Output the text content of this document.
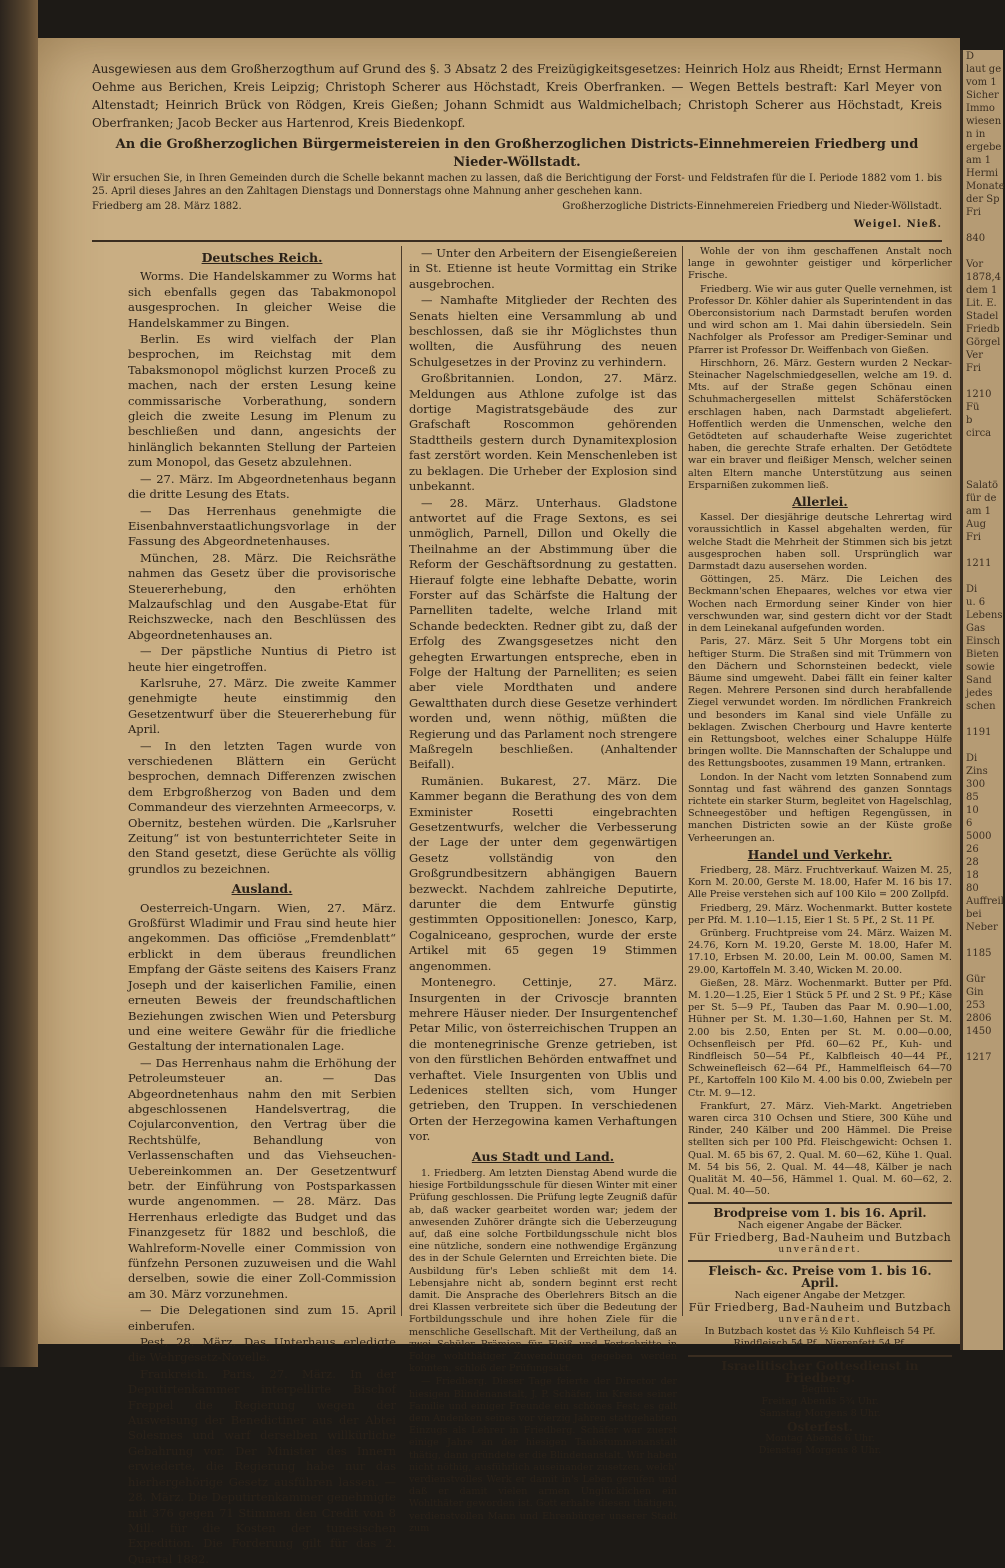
Ausgewiesen aus dem Großherzogthum auf Grund des §. 3 Absatz 2 des Freizügigkeitsgesetzes: Heinrich Holz aus Rheidt; Ernst Hermann Oehme aus Berichen, Kreis Leipzig; Christoph Scherer aus Höchstadt, Kreis Oberfranken. — Wegen Bettels bestraft: Karl Meyer von Altenstadt; Heinrich Brück von Rödgen, Kreis Gießen; Johann Schmidt aus Waldmichelbach; Christoph Scherer aus Höchstadt, Kreis Oberfranken; Jacob Becker aus Hartenrod, Kreis Biedenkopf.

An die Großherzoglichen Bürgermeistereien in den Großherzoglichen Districts-Einnehmereien Friedberg und Nieder-Wöllstadt.

Wir ersuchen Sie, in Ihren Gemeinden durch die Schelle bekannt machen zu lassen, daß die Berichtigung der Forst- und Feldstrafen für die I. Periode 1882 vom 1. bis 25. April dieses Jahres an den Zahltagen Dienstags und Donnerstags ohne Mahnung anher geschehen kann.

Friedberg am 28. März 1882.	Großherzogliche Districts-Einnehmereien Friedberg und Nieder-Wöllstadt.
Weigel. Nieß.
Deutsches Reich.

Worms. Die Handelskammer zu Worms hat sich ebenfalls gegen das Tabakmonopol ausgesprochen. In gleicher Weise die Handelskammer zu Bingen.

Berlin. Es wird vielfach der Plan besprochen, im Reichstag mit dem Tabaksmonopol möglichst kurzen Proceß zu machen, nach der ersten Lesung keine commissarische Vorberathung, sondern gleich die zweite Lesung im Plenum zu beschließen und dann, angesichts der hinlänglich bekannten Stellung der Parteien zum Monopol, das Gesetz abzulehnen.

— 27. März. Im Abgeordnetenhaus begann die dritte Lesung des Etats.

— Das Herrenhaus genehmigte die Eisenbahnverstaatlichungsvorlage in der Fassung des Abgeordnetenhauses.

München, 28. März. Die Reichsräthe nahmen das Gesetz über die provisorische Steuererhebung, den erhöhten Malzaufschlag und den Ausgabe-Etat für Reichszwecke, nach den Beschlüssen des Abgeordnetenhauses an.

— Der päpstliche Nuntius di Pietro ist heute hier eingetroffen.

Karlsruhe, 27. März. Die zweite Kammer genehmigte heute einstimmig den Gesetzentwurf über die Steuererhebung für April.

— In den letzten Tagen wurde von verschiedenen Blättern ein Gerücht besprochen, demnach Differenzen zwischen dem Erbgroßherzog von Baden und dem Commandeur des vierzehnten Armeecorps, v. Obernitz, bestehen würden. Die „Karlsruher Zeitung“ ist von bestunterrichteter Seite in den Stand gesetzt, diese Gerüchte als völlig grundlos zu bezeichnen.

Ausland.

Oesterreich-Ungarn. Wien, 27. März. Großfürst Wladimir und Frau sind heute hier angekommen. Das officiöse „Fremdenblatt“ erblickt in dem überaus freundlichen Empfang der Gäste seitens des Kaisers Franz Joseph und der kaiserlichen Familie, einen erneuten Beweis der freundschaftlichen Beziehungen zwischen Wien und Petersburg und eine weitere Gewähr für die friedliche Gestaltung der internationalen Lage.

— Das Herrenhaus nahm die Erhöhung der Petroleumsteuer an. — Das Abgeordnetenhaus nahm den mit Serbien abgeschlossenen Handelsvertrag, die Cojularconvention, den Vertrag über die Rechtshülfe, Behandlung von Verlassenschaften und das Viehseuchen-Uebereinkommen an. Der Gesetzentwurf betr. der Einführung von Postsparkassen wurde angenommen. — 28. März. Das Herrenhaus erledigte das Budget und das Finanzgesetz für 1882 und beschloß, die Wahlreform-Novelle einer Commission von fünfzehn Personen zuzuweisen und die Wahl derselben, sowie die einer Zoll-Commission am 30. März vorzunehmen.

— Die Delegationen sind zum 15. April einberufen.

Pest, 28. März. Das Unterhaus erledigte die Wehrgesetz-Novelle.

Frankreich. Paris, 27. März. In der Deputirtenkammer interpellirte Bischof Freppel die Regierung wegen der Ausweisung der Benedictiner aus der Abtei Solesmes und warf derselben willkürliche Gebahrung vor. Der Minister des Innern erwiederte, die Regierung habe nur das hierhergehörige Gesetz ausführen lassen. — 28. März. Die Deputirtenkammer genehmigte mit 376 gegen 71 Stimmen den Credit von 8 Mill. für die Kosten der tunesischen Expedition. Die Forderung gilt für das 2. Quartal 1882.

— Unter den Arbeitern der Eisengießereien in St. Etienne ist heute Vormittag ein Strike ausgebrochen.

— Namhafte Mitglieder der Rechten des Senats hielten eine Versammlung ab und beschlossen, daß sie ihr Möglichstes thun wollten, die Ausführung des neuen Schulgesetzes in der Provinz zu verhindern.

Großbritannien. London, 27. März. Meldungen aus Athlone zufolge ist das dortige Magistratsgebäude des zur Grafschaft Roscommon gehörenden Stadttheils gestern durch Dynamitexplosion fast zerstört worden. Kein Menschenleben ist zu beklagen. Die Urheber der Explosion sind unbekannt.

— 28. März. Unterhaus. Gladstone antwortet auf die Frage Sextons, es sei unmöglich, Parnell, Dillon und Okelly die Theilnahme an der Abstimmung über die Reform der Geschäftsordnung zu gestatten. Hierauf folgte eine lebhafte Debatte, worin Forster auf das Schärfste die Haltung der Parnelliten tadelte, welche Irland mit Schande bedeckten. Redner gibt zu, daß der Erfolg des Zwangsgesetzes nicht den gehegten Erwartungen entspreche, eben in Folge der Haltung der Parnelliten; es seien aber viele Mordthaten und andere Gewaltthaten durch diese Gesetze verhindert worden und, wenn nöthig, müßten die Regierung und das Parlament noch strengere Maßregeln beschließen. (Anhaltender Beifall).

Rumänien. Bukarest, 27. März. Die Kammer begann die Berathung des von dem Exminister Rosetti eingebrachten Gesetzentwurfs, welcher die Verbesserung der Lage der unter dem gegenwärtigen Gesetz vollständig von den Großgrundbesitzern abhängigen Bauern bezweckt. Nachdem zahlreiche Deputirte, darunter die dem Entwurfe günstig gestimmten Oppositionellen: Jonesco, Karp, Cogalniceano, gesprochen, wurde der erste Artikel mit 65 gegen 19 Stimmen angenommen.

Montenegro. Cettinje, 27. März. Insurgenten in der Crivoscje brannten mehrere Häuser nieder. Der Insurgentenchef Petar Milic, von österreichischen Truppen an die montenegrinische Grenze getrieben, ist von den fürstlichen Behörden entwaffnet und verhaftet. Viele Insurgenten von Ublis und Ledenices stellten sich, vom Hunger getrieben, den Truppen. In verschiedenen Orten der Herzegowina kamen Verhaftungen vor.

Aus Stadt und Land.

1. Friedberg. Am letzten Dienstag Abend wurde die hiesige Fortbildungsschule für diesen Winter mit einer Prüfung geschlossen. Die Prüfung legte Zeugniß dafür ab, daß wacker gearbeitet worden war; jedem der anwesenden Zuhörer drängte sich die Ueberzeugung auf, daß eine solche Fortbildungsschule nicht blos eine nützliche, sondern eine nothwendige Ergänzung des in der Schule Gelernten und Erreichten biete. Die Ausbildung für's Leben schließt mit dem 14. Lebensjahre nicht ab, sondern beginnt erst recht damit. Die Ansprache des Oberlehrers Bitsch an die drei Klassen verbreitete sich über die Bedeutung der Fortbildungsschule und ihre hohen Ziele für die menschliche Gesellschaft. Mit der Vertheilung, daß an zwei Schüler Prämien für Fleiß und Fortschritte in Folge wohlthätiger Zuwendungen gegeben werden konnten, schloß der Prüfungsakt.

— Friedberg. Dieser Tage feierte der Director der hiesigen Blindenanstalt, J. P. Schäfer, im Kreise seiner Familie und einiger Freunde ein schönes Fest; es galt dem Andenken seines vor vierzig Jahren stattgehabten Einzugs als Lehrer in Friedberg. Schäfer war zuerst einige Jahre an der hiesigen Taubstummenanstalt thätig, dann gründete er die Blindenanstalt. Wir haben nicht nöthig, ausführlich auseinander zusetzen, welch' verdienstvolles Werk er damit in's Leben gerufen und daß er damit vielen armen Unglücklichen ein Wohlthäter geworden ist. Gott erhalte diesen thätigen, verdienstvollen Mann und Ehrenbürger unserer Stadt zum

Wohle der von ihm geschaffenen Anstalt noch lange in gewohnter geistiger und körperlicher Frische.

Friedberg. Wie wir aus guter Quelle vernehmen, ist Professor Dr. Köhler dahier als Superintendent in das Oberconsistorium nach Darmstadt berufen worden und wird schon am 1. Mai dahin übersiedeln. Sein Nachfolger als Professor am Prediger-Seminar und Pfarrer ist Professor Dr. Weiffenbach von Gießen.

Hirschhorn, 26. März. Gestern wurden 2 Neckar-Steinacher Nagelschmiedgesellen, welche am 19. d. Mts. auf der Straße gegen Schönau einen Schuhmachergesellen mittelst Schäferstöcken erschlagen haben, nach Darmstadt abgeliefert. Hoffentlich werden die Unmenschen, welche den Getödteten auf schauderhafte Weise zugerichtet haben, die gerechte Strafe erhalten. Der Getödtete war ein braver und fleißiger Mensch, welcher seinen alten Eltern manche Unterstützung aus seinen Ersparnißen zukommen ließ.

Allerlei.

Kassel. Der diesjährige deutsche Lehrertag wird voraussichtlich in Kassel abgehalten werden, für welche Stadt die Mehrheit der Stimmen sich bis jetzt ausgesprochen haben soll. Ursprünglich war Darmstadt dazu ausersehen worden.

Göttingen, 25. März. Die Leichen des Beckmann'schen Ehepaares, welches vor etwa vier Wochen nach Ermordung seiner Kinder von hier verschwunden war, sind gestern dicht vor der Stadt in dem Leinekanal aufgefunden worden.

Paris, 27. März. Seit 5 Uhr Morgens tobt ein heftiger Sturm. Die Straßen sind mit Trümmern von den Dächern und Schornsteinen bedeckt, viele Bäume sind umgeweht. Dabei fällt ein feiner kalter Regen. Mehrere Personen sind durch herabfallende Ziegel verwundet worden. Im nördlichen Frankreich und besonders im Kanal sind viele Unfälle zu beklagen. Zwischen Cherbourg und Havre kenterte ein Rettungsboot, welches einer Schaluppe Hülfe bringen wollte. Die Mannschaften der Schaluppe und des Rettungsbootes, zusammen 19 Mann, ertranken.

London. In der Nacht vom letzten Sonnabend zum Sonntag und fast während des ganzen Sonntags richtete ein starker Sturm, begleitet von Hagelschlag, Schneegestöber und heftigen Regengüssen, in manchen Districten sowie an der Küste große Verheerungen an.

Handel und Verkehr.

Friedberg, 28. März. Fruchtverkauf. Waizen M. 25, Korn M. 20.00, Gerste M. 18.00, Hafer M. 16 bis 17. Alle Preise verstehen sich auf 100 Kilo = 200 Zollpfd.

Friedberg, 29. März. Wochenmarkt. Butter kostete per Pfd. M. 1.10—1.15, Eier 1 St. 5 Pf., 2 St. 11 Pf.

Grünberg. Fruchtpreise vom 24. März. Waizen M. 24.76, Korn M. 19.20, Gerste M. 18.00, Hafer M. 17.10, Erbsen M. 20.00, Lein M. 00.00, Samen M. 29.00, Kartoffeln M. 3.40, Wicken M. 20.00.

Gießen, 28. März. Wochenmarkt. Butter per Pfd. M. 1.20—1.25, Eier 1 Stück 5 Pf. und 2 St. 9 Pf.; Käse per St. 5—9 Pf., Tauben das Paar M. 0.90—1.00, Hühner per St. M. 1.30—1.60, Hahnen per St. M. 2.00 bis 2.50, Enten per St. M. 0.00—0.00, Ochsenfleisch per Pfd. 60—62 Pf., Kuh- und Rindfleisch 50—54 Pf., Kalbfleisch 40—44 Pf., Schweinefleisch 62—64 Pf., Hammelfleisch 64—70 Pf., Kartoffeln 100 Kilo M. 4.00 bis 0.00, Zwiebeln per Ctr. M. 9—12.

Frankfurt, 27. März. Vieh-Markt. Angetrieben waren circa 310 Ochsen und Stiere, 300 Kühe und Rinder, 240 Kälber und 200 Hämmel. Die Preise stellten sich per 100 Pfd. Fleischgewicht: Ochsen 1. Qual. M. 65 bis 67, 2. Qual. M. 60—62, Kühe 1. Qual. M. 54 bis 56, 2. Qual. M. 44—48, Kälber je nach Qualität M. 40—56, Hämmel 1. Qual. M. 60—62, 2. Qual. M. 40—50.

Brodpreise vom 1. bis 16. April.
Nach eigener Angabe der Bäcker.
Für Friedberg, Bad-Nauheim und Butzbach
unverändert.
Fleisch- &c. Preise vom 1. bis 16. April.
Nach eigener Angabe der Metzger.
Für Friedberg, Bad-Nauheim und Butzbach
unverändert.
In Butzbach kostet das ½ Kilo Kuhfleisch 54 Pf.
Rindfleisch 54 Pf., Nierenfett 54 Pf.
Israelitischer Gottesdienst in Friedberg.
Beginn:
Freitag Abends 5¾ Uhr.
Samstag Morgens 8 Uhr.
Osterfest.
Montag Abends 6 Uhr.
Dienstag Morgens 8 Uhr.

D

laut ge

vom 1

Sicher

Immo

wiesen

n in

ergebe

am 1

Hermi

Monate

der Sp

Fri

840

Vor

1878,4

dem 1

Lit. E.

Stadel

Friedb

Görgel

Ver

Fri

1210

Fü

b

circa

Salatö

für de

am 1

Aug

Fri

1211

Di

u. 6

Lebens

Gas

Einsch

Bieten

sowie

Sand

jedes

schen

1191

Di

Zins

300

85

10

6

5000

26

28

18

80

Auffreil

bei

Neber

1185

Gür

Gin

253

2806

1450

1217
